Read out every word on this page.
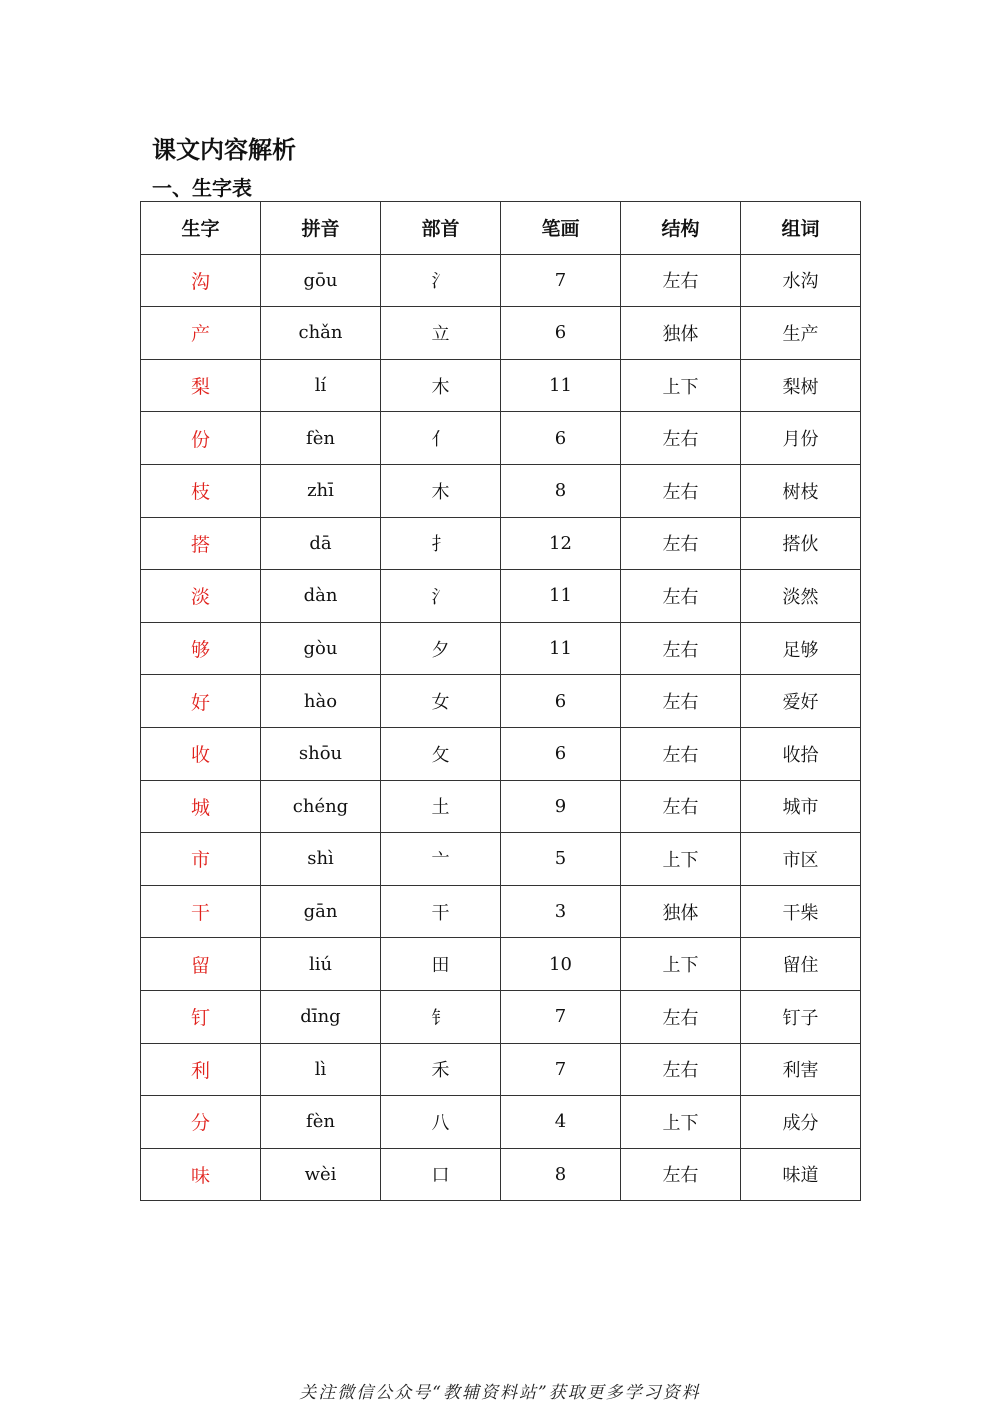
课文内容解析
一、生字表
生字	拼音	部首	笔画	结构	组词
沟	gōu	氵	7	左右	水沟
产	chǎn	立	6	独体	生产
梨	lí	木	11	上下	梨树
份	fèn	亻	6	左右	月份
枝	zhī	木	8	左右	树枝
搭	dā	扌	12	左右	搭伙
淡	dàn	氵	11	左右	淡然
够	gòu	夕	11	左右	足够
好	hào	女	6	左右	爱好
收	shōu	攵	6	左右	收拾
城	chéng	土	9	左右	城市
市	shì	亠	5	上下	市区
干	gān	干	3	独体	干柴
留	liú	田	10	上下	留住
钉	dīng	钅	7	左右	钉子
利	lì	禾	7	左右	利害
分	fèn	八	4	上下	成分
味	wèi	口	8	左右	味道
关注微信公众号“教辅资料站”获取更多学习资料
